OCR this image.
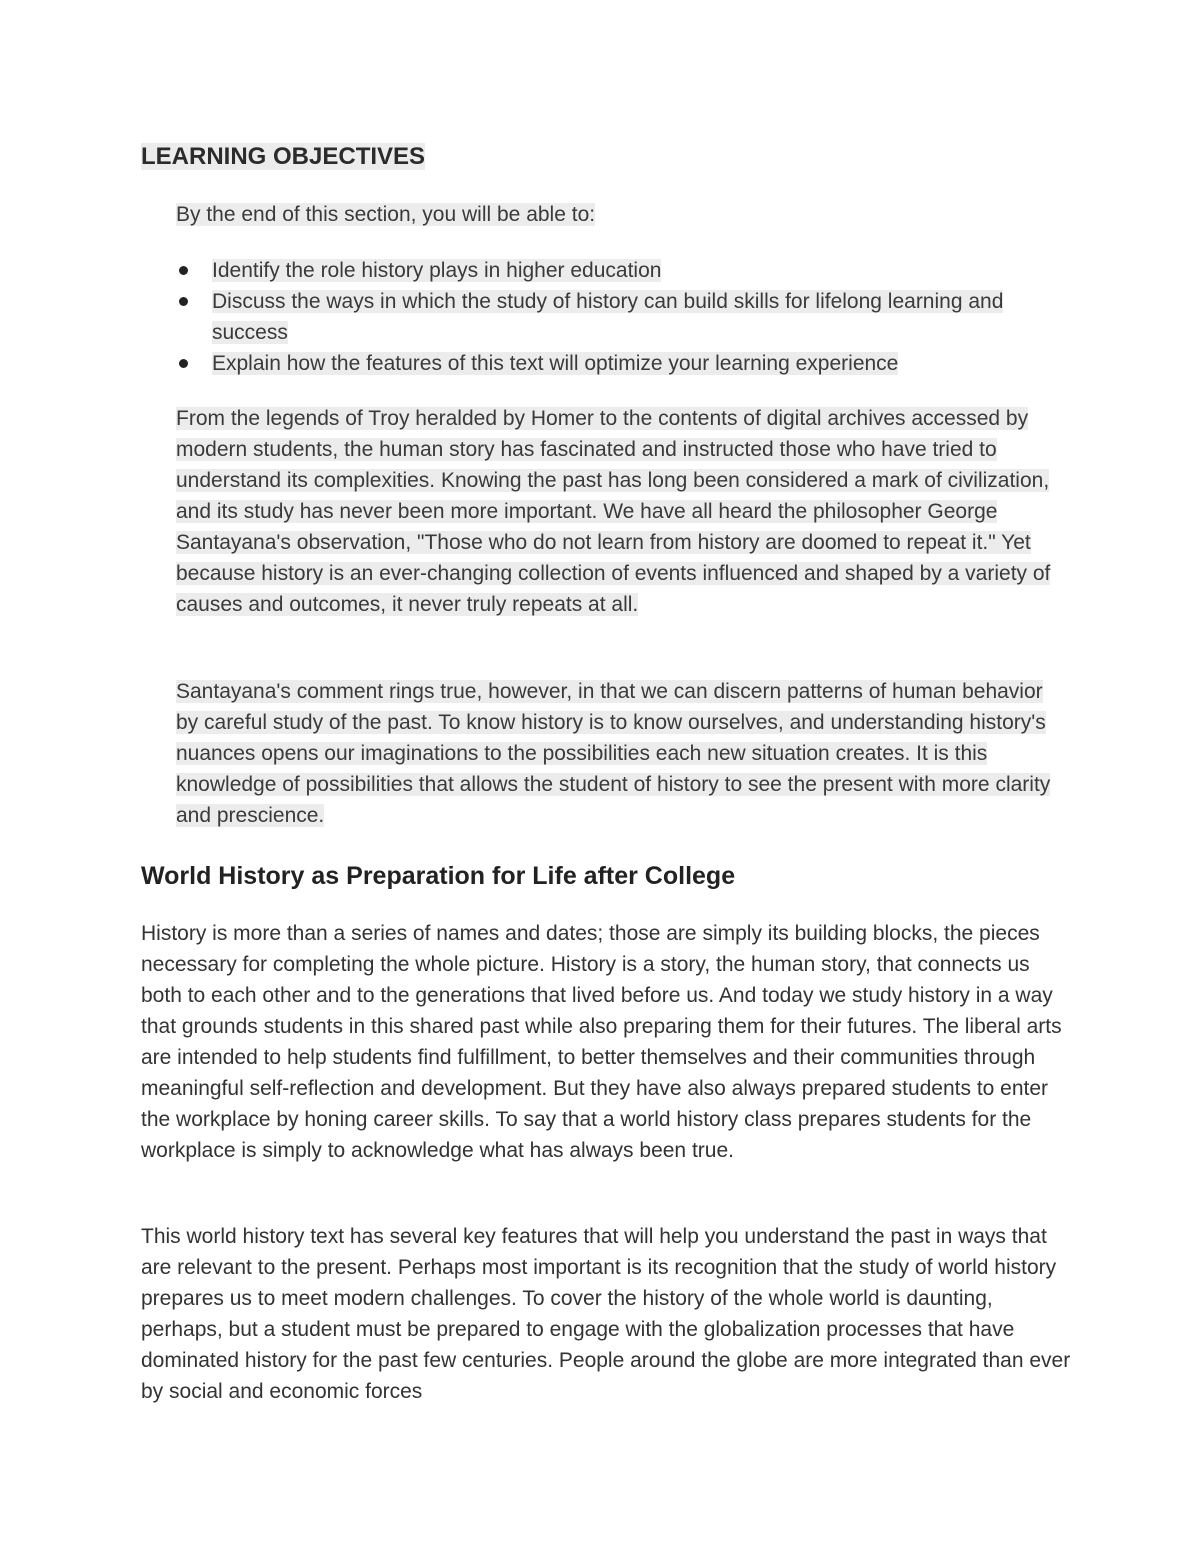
LEARNING OBJECTIVES

By the end of this section, you will be able to:

Identify the role history plays in higher education
Discuss the ways in which the study of history can build skills for lifelong learning and success
Explain how the features of this text will optimize your learning experience

From the legends of Troy heralded by Homer to the contents of digital archives accessed by modern students, the human story has fascinated and instructed those who have tried to understand its complexities. Knowing the past has long been considered a mark of civilization, and its study has never been more important. We have all heard the philosopher George Santayana's observation, "Those who do not learn from history are doomed to repeat it." Yet because history is an ever-changing collection of events influenced and shaped by a variety of causes and outcomes, it never truly repeats at all.

Santayana's comment rings true, however, in that we can discern patterns of human behavior by careful study of the past. To know history is to know ourselves, and understanding history's nuances opens our imaginations to the possibilities each new situation creates. It is this knowledge of possibilities that allows the student of history to see the present with more clarity and prescience.

World History as Preparation for Life after College

History is more than a series of names and dates; those are simply its building blocks, the pieces necessary for completing the whole picture. History is a story, the human story, that connects us both to each other and to the generations that lived before us. And today we study history in a way that grounds students in this shared past while also preparing them for their futures. The liberal arts are intended to help students find fulfillment, to better themselves and their communities through meaningful self-reflection and development. But they have also always prepared students to enter the workplace by honing career skills. To say that a world history class prepares students for the workplace is simply to acknowledge what has always been true.

This world history text has several key features that will help you understand the past in ways that are relevant to the present. Perhaps most important is its recognition that the study of world history prepares us to meet modern challenges. To cover the history of the whole world is daunting, perhaps, but a student must be prepared to engage with the globalization processes that have dominated history for the past few centuries. People around the globe are more integrated than ever by social and economic forces
